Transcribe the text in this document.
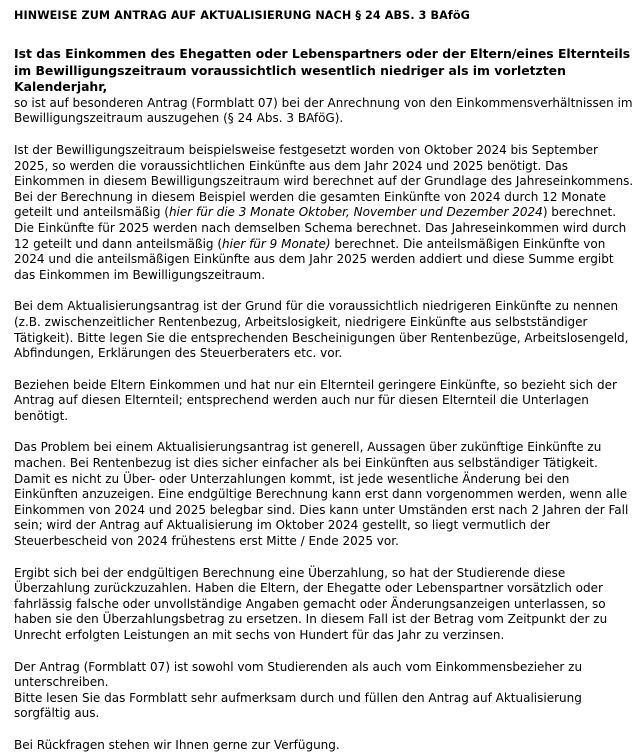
HINWEISE ZUM ANTRAG AUF AKTUALISIERUNG NACH § 24 ABS. 3 BAföG

Ist das Einkommen des Ehegatten oder Lebenspartners oder der Eltern/eines Elternteils im Bewilligungszeitraum voraussichtlich wesentlich niedriger als im vorletzten Kalenderjahr,
so ist auf besonderen Antrag (Formblatt 07) bei der Anrechnung von den Einkommensverhältnissen im Bewilligungszeitraum auszugehen (§ 24 Abs. 3 BAföG).

Ist der Bewilligungszeitraum beispielsweise festgesetzt worden von Oktober 2024 bis September 2025, so werden die voraussichtlichen Einkünfte aus dem Jahr 2024 und 2025 benötigt. Das Einkommen in diesem Bewilligungszeitraum wird berechnet auf der Grundlage des Jahreseinkommens. Bei der Berechnung in diesem Beispiel werden die gesamten Einkünfte von 2024 durch 12 Monate geteilt und anteilsmäßig (hier für die 3 Monate Oktober, November und Dezember 2024) berechnet. Die Einkünfte für 2025 werden nach demselben Schema berechnet. Das Jahreseinkommen wird durch 12 geteilt und dann anteilsmäßig (hier für 9 Monate) berechnet. Die anteilsmäßigen Einkünfte von 2024 und die anteilsmäßigen Einkünfte aus dem Jahr 2025 werden addiert und diese Summe ergibt das Einkommen im Bewilligungszeitraum.

Bei dem Aktualisierungsantrag ist der Grund für die voraussichtlich niedrigeren Einkünfte zu nennen (z.B. zwischenzeitlicher Rentenbezug, Arbeitslosigkeit, niedrigere Einkünfte aus selbstständiger Tätigkeit). Bitte legen Sie die entsprechenden Bescheinigungen über Rentenbezüge, Arbeitslosengeld, Abfindungen, Erklärungen des Steuerberaters etc. vor.

Beziehen beide Eltern Einkommen und hat nur ein Elternteil geringere Einkünfte, so bezieht sich der Antrag auf diesen Elternteil; entsprechend werden auch nur für diesen Elternteil die Unterlagen benötigt.

Das Problem bei einem Aktualisierungsantrag ist generell, Aussagen über zukünftige Einkünfte zu machen. Bei Rentenbezug ist dies sicher einfacher als bei Einkünften aus selbständiger Tätigkeit. Damit es nicht zu Über- oder Unterzahlungen kommt, ist jede wesentliche Änderung bei den Einkünften anzuzeigen. Eine endgültige Berechnung kann erst dann vorgenommen werden, wenn alle Einkommen von 2024 und 2025 belegbar sind. Dies kann unter Umständen erst nach 2 Jahren der Fall sein; wird der Antrag auf Aktualisierung im Oktober 2024 gestellt, so liegt vermutlich der Steuerbescheid von 2024 frühestens erst Mitte / Ende 2025 vor.

Ergibt sich bei der endgültigen Berechnung eine Überzahlung, so hat der Studierende diese Überzahlung zurückzuzahlen. Haben die Eltern, der Ehegatte oder Lebenspartner vorsätzlich oder fahrlässig falsche oder unvollständige Angaben gemacht oder Änderungsanzeigen unterlassen, so haben sie den Überzahlungsbetrag zu ersetzen. In diesem Fall ist der Betrag vom Zeitpunkt der zu Unrecht erfolgten Leistungen an mit sechs von Hundert für das Jahr zu verzinsen.

Der Antrag (Formblatt 07) ist sowohl vom Studierenden als auch vom Einkommensbezieher zu unterschreiben.

Bitte lesen Sie das Formblatt sehr aufmerksam durch und füllen den Antrag auf Aktualisierung sorgfältig aus.

Bei Rückfragen stehen wir Ihnen gerne zur Verfügung.
